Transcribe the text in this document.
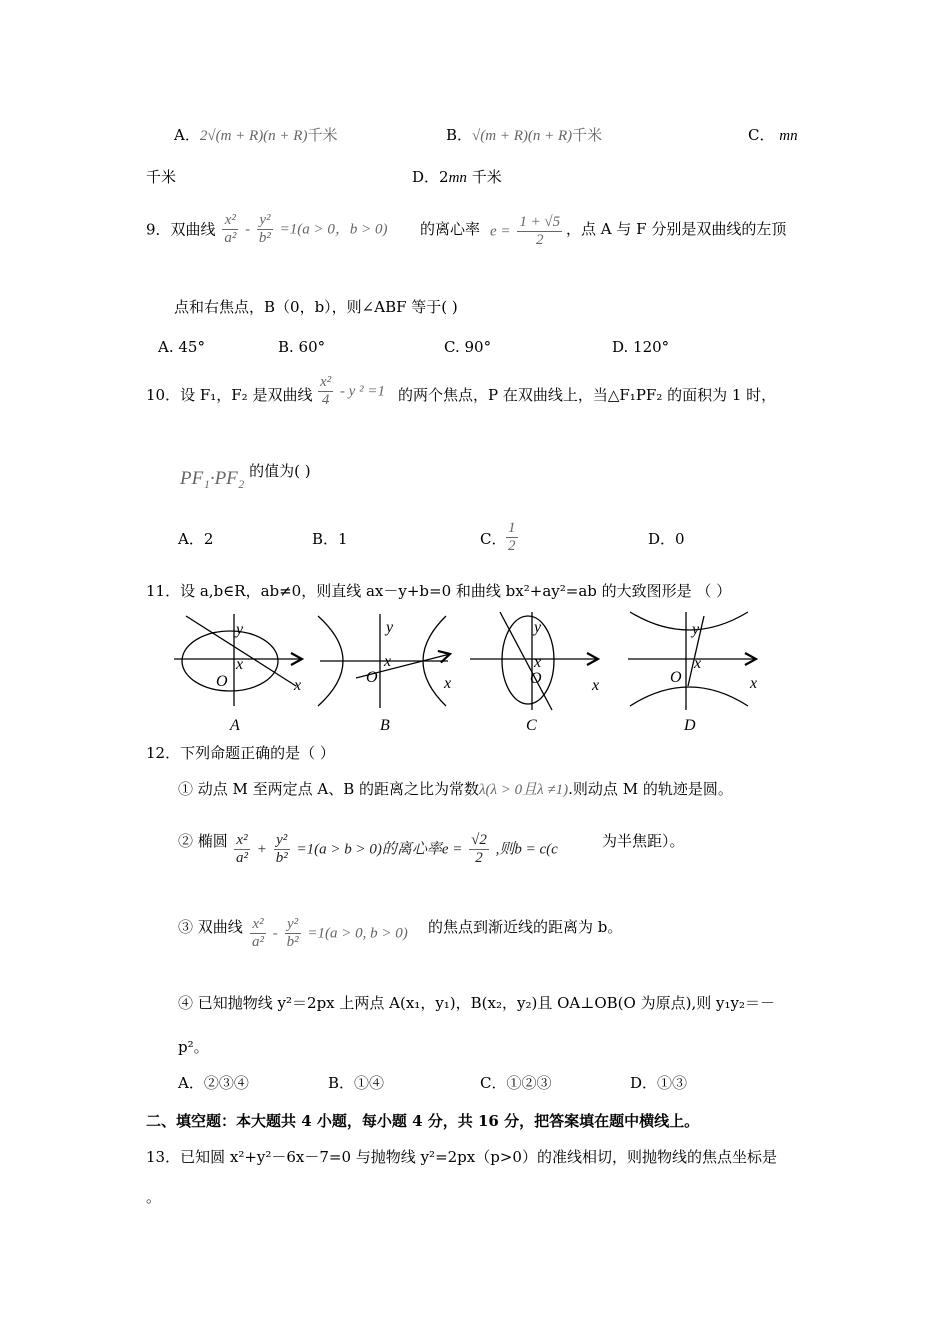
A．2√(m + R)(n + R)千米	B．√(m + R)(n + R)千米	C． mn
千米	D．2mn 千米
9．双曲线 $\frac{\text{x²}}{\text{a²}} - \frac{\text{y²}}{\text{b²}} =1(a > 0$，b > 0) 的离心率 $e = \frac{1 + √5}{2}$ ，点 A 与 F 分别是双曲线的左顶
点和右焦点，B（0，b），则∠ABF 等于( )
A. 45°	B. 60°	C. 90°	D. 120°
10．设 F₁，F₂ 是双曲线 $\frac{\text{x²}}{4}$ - y ² =1 的两个焦点，P 在双曲线上，当△F₁PF₂ 的面积为 1 时，
PF₁·PF₂ 的值为( )
A．2	B．1	C． $\frac{1}{2}$	D．0
11．设 a,b∈R，ab≠0，则直线 ax－y+b=0 和曲线 bx²+ay²=ab 的大致图形是 （ ）
y
x
O	x
A
y
x
O	x
B
y
x
O	x
C
y
x
O	x
D
12．下列命题正确的是（ ）
① 动点 M 至两定点 A、B 的距离之比为常数λ(λ > 0且λ ≠1).则动点 M 的轨迹是圆。
② 椭圆 $\frac{\text{x²}}{\text{a²}} + \frac{\text{y²}}{\text{b²}} =1(a > b > 0)$的离心率$e = \frac{√2}{2}$ ,则b = c(c	为半焦距）。
③ 双曲线 $\frac{\text{x²}}{\text{a²}} - \frac{\text{y²}}{\text{b²}} =1(a > 0$, b > 0) 的焦点到渐近线的距离为 b。
④ 已知抛物线 y²＝2px 上两点 A(x₁，y₁)，B(x₂，y₂)且 OA⊥OB(O 为原点),则 y₁y₂＝－
p²。
A．②③④	B．①④	C．①②③	D．①③
二、填空题：本大题共 4 小题，每小题 4 分，共 16 分，把答案填在题中横线上。
13．已知圆 x²+y²－6x－7=0 与抛物线 y²=2px（p>0）的准线相切，则抛物线的焦点坐标是
。
